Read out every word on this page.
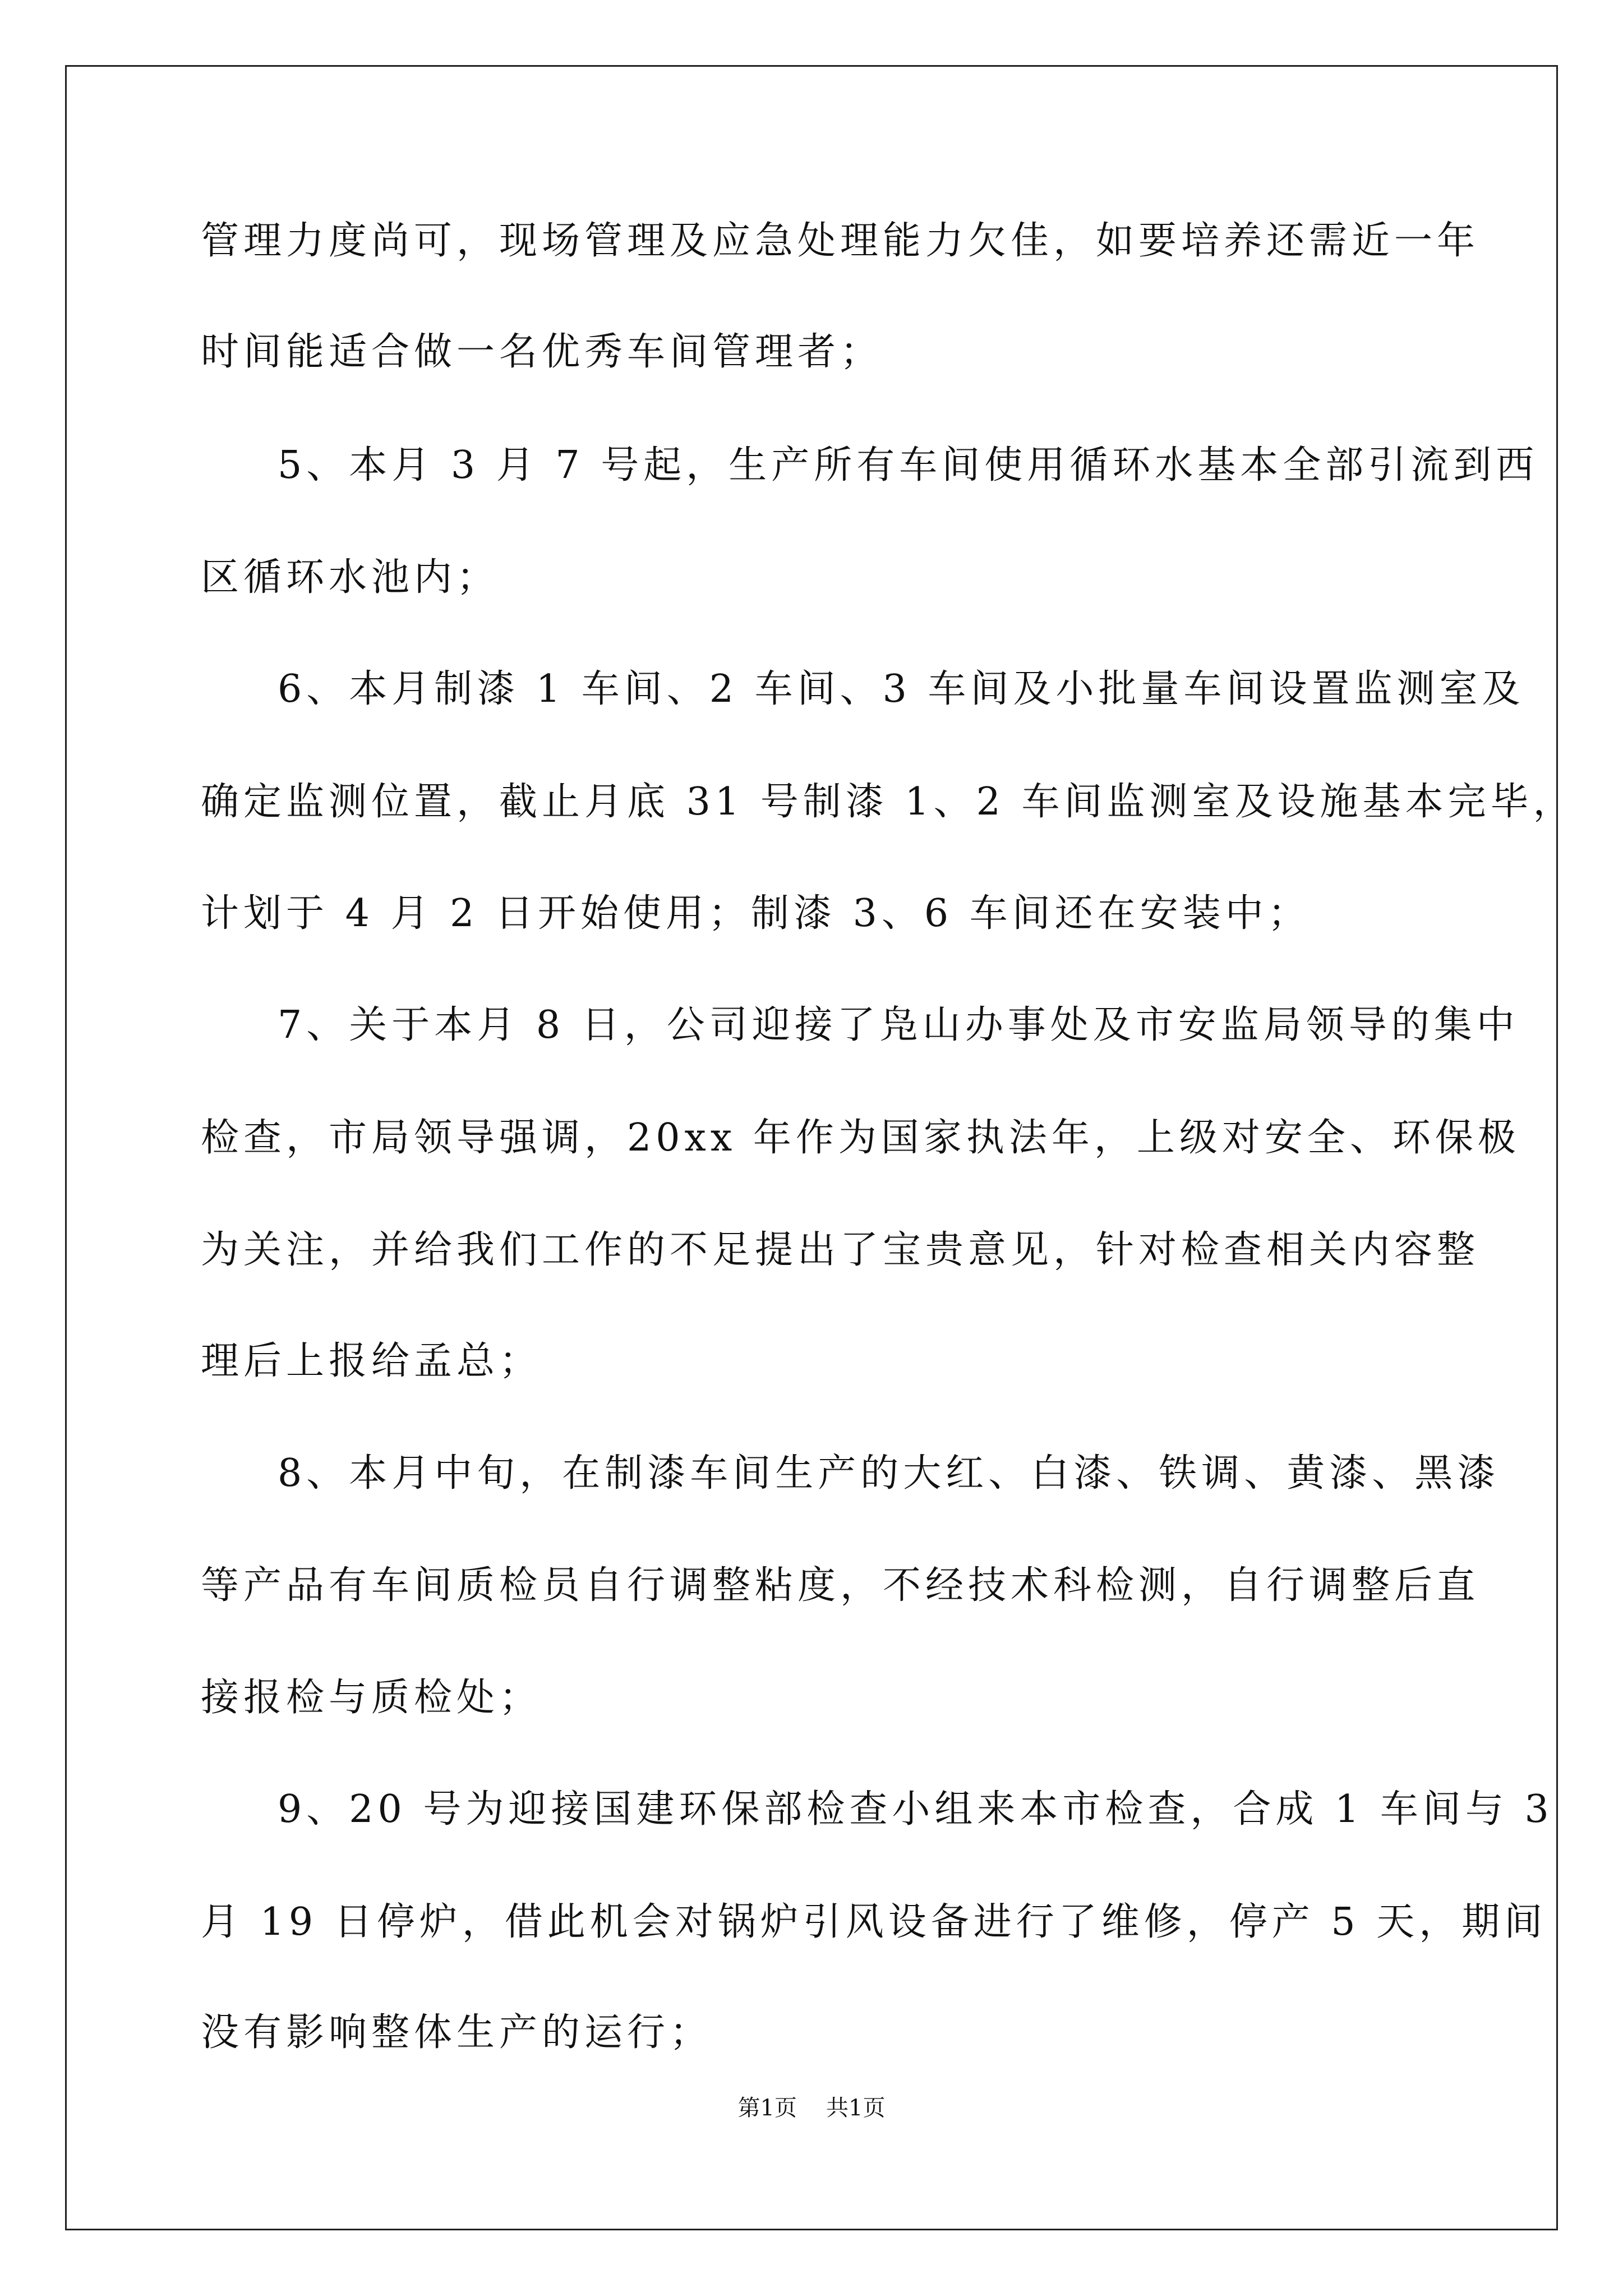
管理力度尚可，现场管理及应急处理能力欠佳，如要培养还需近一年
时间能适合做一名优秀车间管理者；
5、本月 3 月 7 号起，生产所有车间使用循环水基本全部引流到西
区循环水池内；
6、本月制漆 1 车间、2 车间、3 车间及小批量车间设置监测室及
确定监测位置，截止月底 31 号制漆 1、2 车间监测室及设施基本完毕，
计划于 4 月 2 日开始使用；制漆 3、6 车间还在安装中；
7、关于本月 8 日，公司迎接了凫山办事处及市安监局领导的集中
检查，市局领导强调，20xx 年作为国家执法年，上级对安全、环保极
为关注，并给我们工作的不足提出了宝贵意见，针对检查相关内容整
理后上报给孟总；
8、本月中旬，在制漆车间生产的大红、白漆、铁调、黄漆、黑漆
等产品有车间质检员自行调整粘度，不经技术科检测，自行调整后直
接报检与质检处；
9、20 号为迎接国建环保部检查小组来本市检查，合成 1 车间与 3
月 19 日停炉，借此机会对锅炉引风设备进行了维修，停产 5 天，期间
没有影响整体生产的运行；
第1页 共1页
